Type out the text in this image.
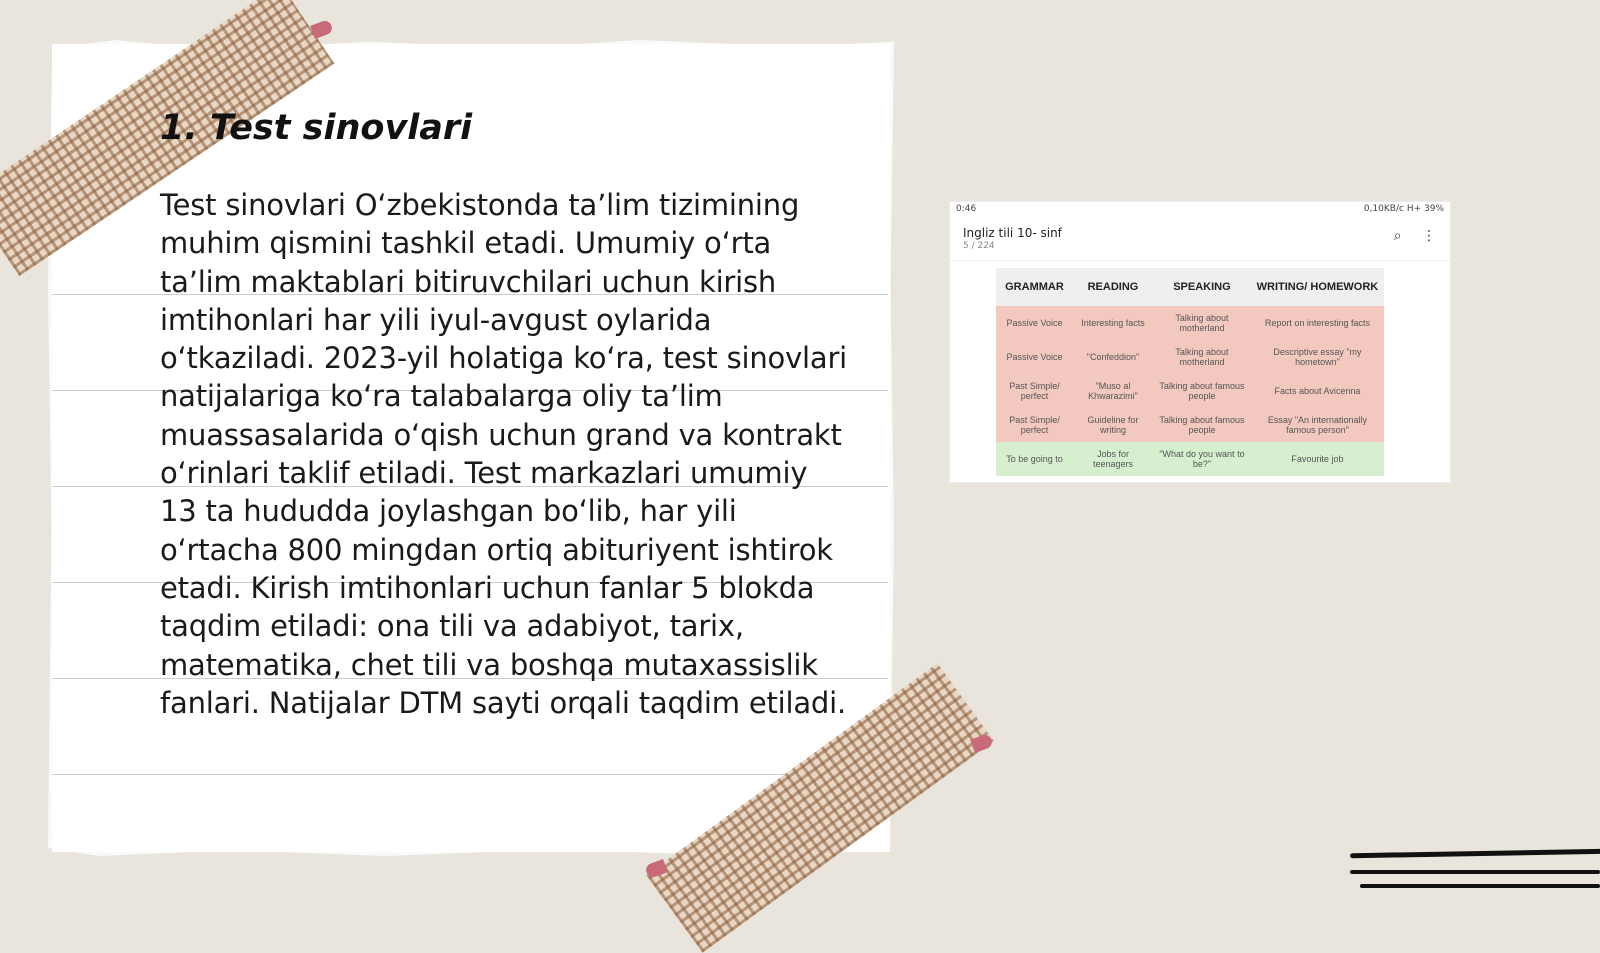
1. Test sinovlari

Test sinovlari O‘zbekistonda ta’lim tizimining muhim qismini tashkil etadi. Umumiy o‘rta ta’lim maktablari bitiruvchilari uchun kirish imtihonlari har yili iyul-avgust oylarida o‘tkaziladi. 2023-yil holatiga ko‘ra, test sinovlari natijalariga ko‘ra talabalarga oliy ta’lim muassasalarida o‘qish uchun grand va kontrakt o‘rinlari taklif etiladi. Test markazlari umumiy 13 ta hududda joylashgan bo‘lib, har yili o‘rtacha 800 mingdan ortiq abituriyent ishtirok etadi. Kirish imtihonlari uchun fanlar 5 blokda taqdim etiladi: ona tili va adabiyot, tarix, matematika, chet tili va boshqa mutaxassislik fanlari. Natijalar DTM sayti orqali taqdim etiladi.

0:46	0,10KB/c H+ 39%
Ingliz tili 10- sinf
5 / 224
⌕ ⋮
GRAMMAR	READING	SPEAKING	WRITING/ HOMEWORK
Passive Voice	Interesting facts	Talking about motherland	Report on interesting facts
Passive Voice	"Confeddion"	Talking about motherland	Descriptive essay "my hometown"
Past Simple/ perfect	"Muso al Khwarazimi"	Talking about famous people	Facts about Avicenna
Past Simple/ perfect	Guideline for writing	Talking about famous people	Essay "An internationally famous person"
To be going to	Jobs for teenagers	"What do you want to be?"	Favourite job
